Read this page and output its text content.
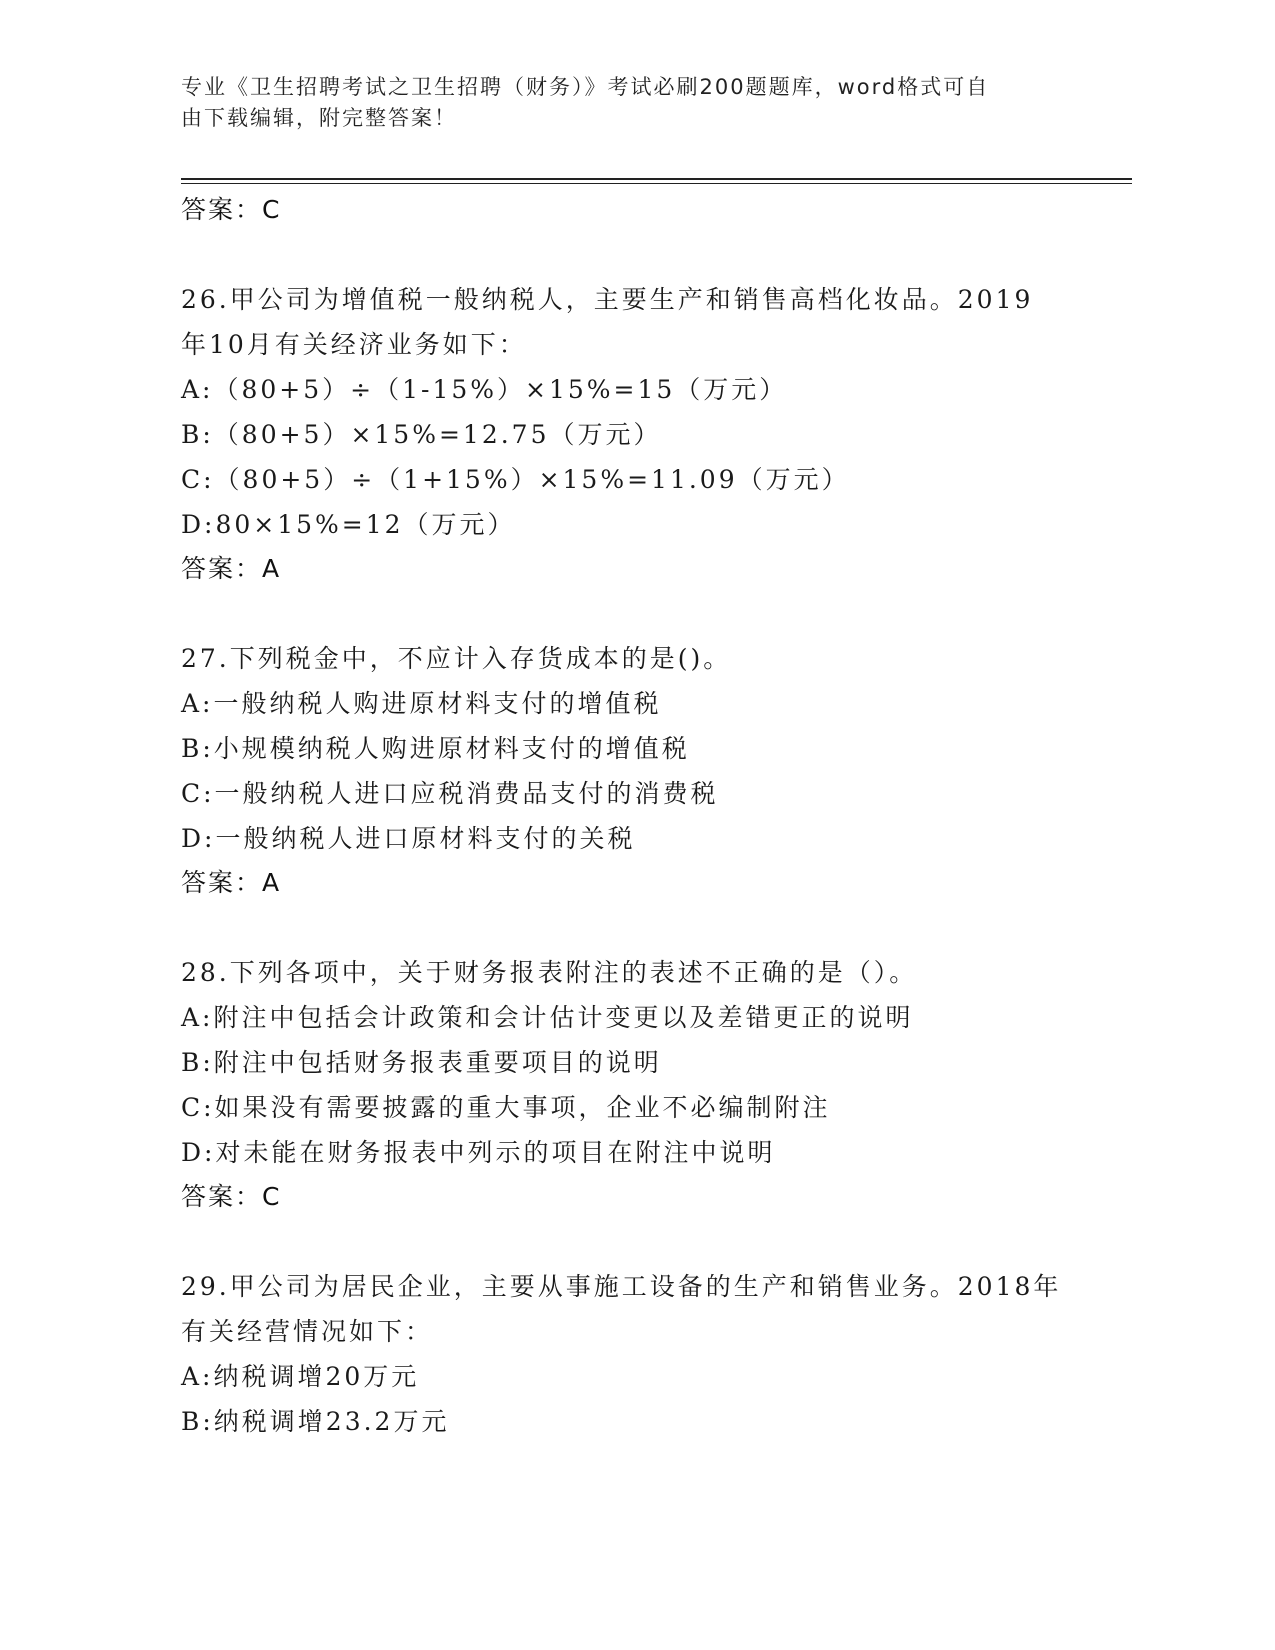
专业《卫生招聘考试之卫生招聘（财务）》考试必刷200题题库，word格式可自
由下载编辑，附完整答案！
答案：C
26.甲公司为增值税一般纳税人，主要生产和销售高档化妆品。2019
年10月有关经济业务如下：
A:（80+5）÷（1-15%）×15%=15（万元）
B:（80+5）×15%=12.75（万元）
C:（80+5）÷（1+15%）×15%=11.09（万元）
D:80×15%=12（万元）
答案：A
27.下列税金中，不应计入存货成本的是()。
A:一般纳税人购进原材料支付的增值税
B:小规模纳税人购进原材料支付的增值税
C:一般纳税人进口应税消费品支付的消费税
D:一般纳税人进口原材料支付的关税
答案：A
28.下列各项中，关于财务报表附注的表述不正确的是（）。
A:附注中包括会计政策和会计估计变更以及差错更正的说明
B:附注中包括财务报表重要项目的说明
C:如果没有需要披露的重大事项，企业不必编制附注
D:对未能在财务报表中列示的项目在附注中说明
答案：C
29.甲公司为居民企业，主要从事施工设备的生产和销售业务。2018年
有关经营情况如下：
A:纳税调增20万元
B:纳税调增23.2万元
